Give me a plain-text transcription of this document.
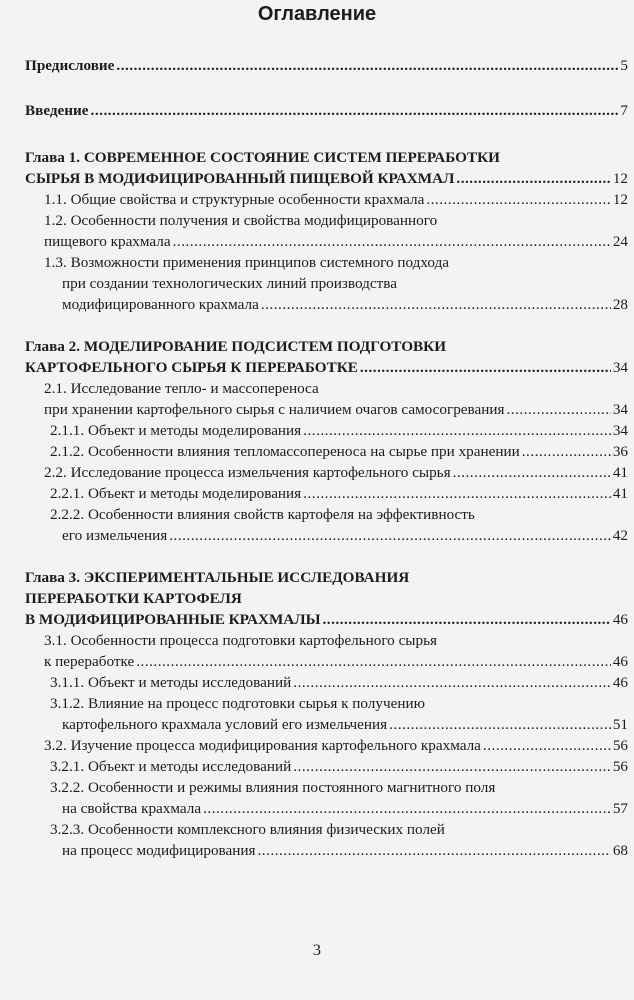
Оглавление
Предисловие .....	5
Введение .....	7
Глава 1. СОВРЕМЕННОЕ СОСТОЯНИЕ СИСТЕМ ПЕРЕРАБОТКИ
СЫРЬЯ В МОДИФИЦИРОВАННЫЙ ПИЩЕВОЙ КРАХМАЛ .....	12
1.1. Общие свойства и структурные особенности крахмала .....	12
1.2. Особенности получения и свойства модифицированного
пищевого крахмала .....	24
1.3. Возможности применения принципов системного подхода
при создании технологических линий производства
модифицированного крахмала .....	28
Глава 2. МОДЕЛИРОВАНИЕ ПОДСИСТЕМ ПОДГОТОВКИ
КАРТОФЕЛЬНОГО СЫРЬЯ К ПЕРЕРАБОТКЕ .....	34
2.1. Исследование тепло- и массопереноса
при хранении картофельного сырья с наличием очагов самосогревания .....	34
2.1.1. Объект и методы моделирования .....	34
2.1.2. Особенности влияния тепломассопереноса на сырье при хранении .....	36
2.2. Исследование процесса измельчения картофельного сырья .....	41
2.2.1. Объект и методы моделирования .....	41
2.2.2. Особенности влияния свойств картофеля на эффективность
его измельчения .....	42
Глава 3. ЭКСПЕРИМЕНТАЛЬНЫЕ ИССЛЕДОВАНИЯ
ПЕРЕРАБОТКИ КАРТОФЕЛЯ
В МОДИФИЦИРОВАННЫЕ КРАХМАЛЫ .....	46
3.1. Особенности процесса подготовки картофельного сырья
к переработке .....	46
3.1.1. Объект и методы исследований .....	46
3.1.2. Влияние на процесс подготовки сырья к получению
картофельного крахмала условий его измельчения .....	51
3.2. Изучение процесса модифицирования картофельного крахмала .....	56
3.2.1. Объект и методы исследований .....	56
3.2.2. Особенности и режимы влияния постоянного магнитного поля
на свойства крахмала .....	57
3.2.3. Особенности комплексного влияния физических полей
на процесс модифицирования .....	68
3
